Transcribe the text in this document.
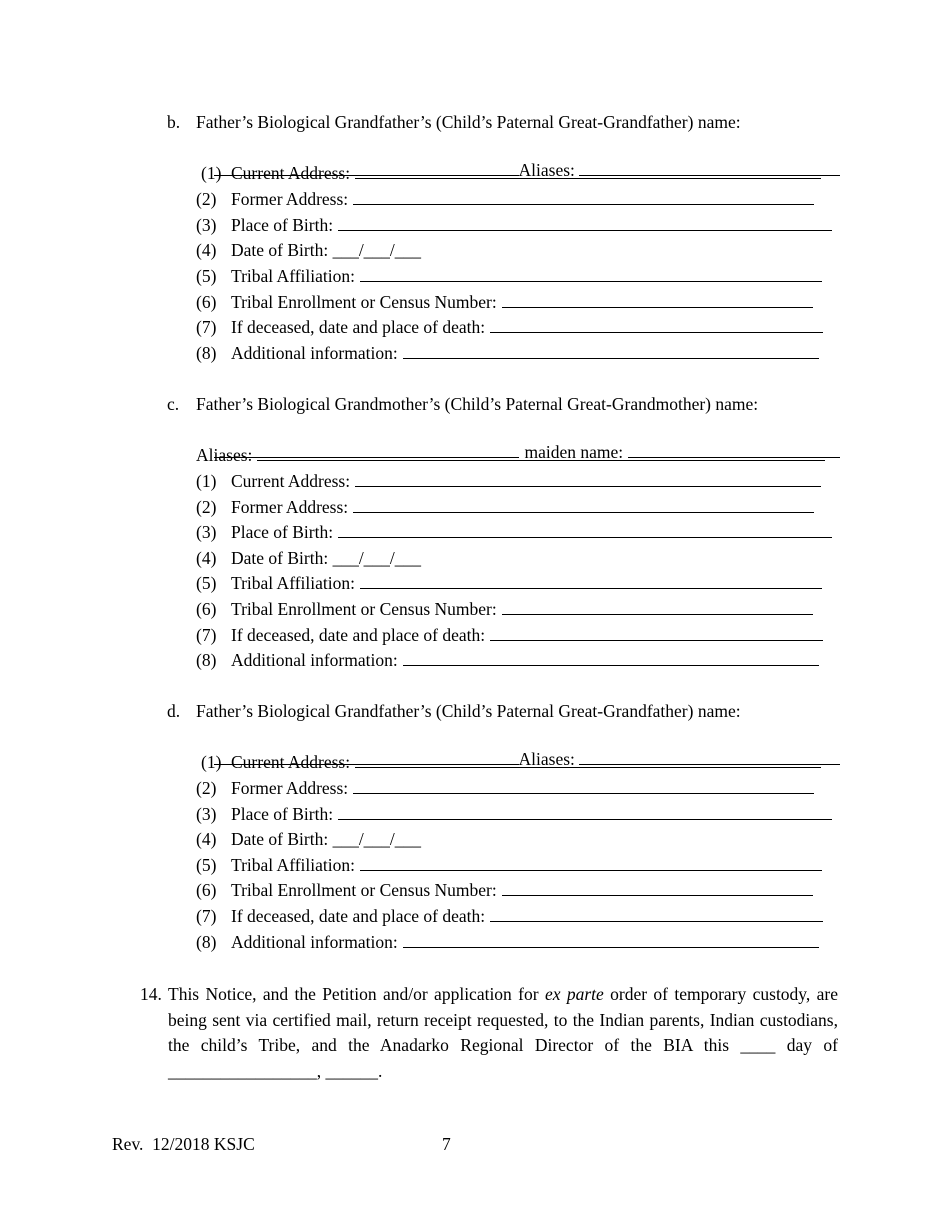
b. Father’s Biological Grandfather’s (Child’s Paternal Great-Grandfather) name:

Aliases:

(1) Current Address:
(2) Former Address:
(3) Place of Birth:
(4) Date of Birth: ___/___/___
(5) Tribal Affiliation:
(6) Tribal Enrollment or Census Number:
(7) If deceased, date and place of death:
(8) Additional information:
c. Father’s Biological Grandmother’s (Child’s Paternal Great-Grandmother) name:

maiden name:

Aliases:
(1) Current Address:
(2) Former Address:
(3) Place of Birth:
(4) Date of Birth: ___/___/___
(5) Tribal Affiliation:
(6) Tribal Enrollment or Census Number:
(7) If deceased, date and place of death:
(8) Additional information:
d. Father’s Biological Grandfather’s (Child’s Paternal Great-Grandfather) name:

Aliases:

(1) Current Address:
(2) Former Address:
(3) Place of Birth:
(4) Date of Birth: ___/___/___
(5) Tribal Affiliation:
(6) Tribal Enrollment or Census Number:
(7) If deceased, date and place of death:
(8) Additional information:
14. This Notice, and the Petition and/or application for ex parte order of temporary custody, are being sent via certified mail, return receipt requested, to the Indian parents, Indian custodians, the child’s Tribe, and the Anadarko Regional Director of the BIA this ____ day of _________________, ______.
Rev.  12/2018 KSJC	7
